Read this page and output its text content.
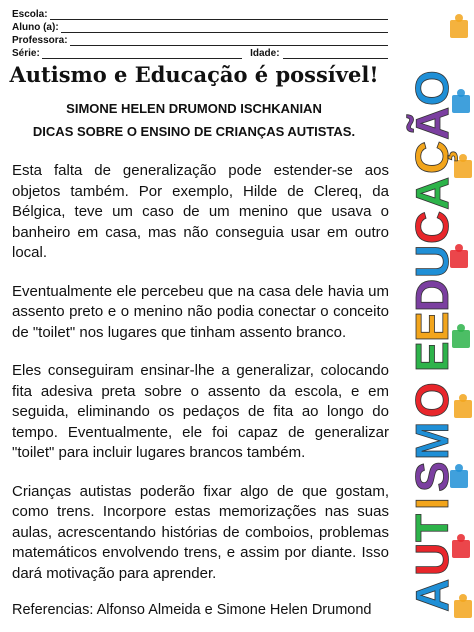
Escola:
Aluno (a):
Professora:
Série:	Idade:
Autismo e Educação é possível!
SIMONE HELEN DRUMOND ISCHKANIAN
DICAS SOBRE O ENSINO DE CRIANÇAS AUTISTAS.

Esta falta de generalização pode estender-se aos objetos também. Por exemplo, Hilde de Clereq, da Bélgica, teve um caso de um menino que usava o banheiro em casa, mas não conseguia usar em outro local.

Eventualmente ele percebeu que na casa dele havia um assento preto e o menino não podia conectar o conceito de "toilet" nos lugares que tinham assento branco.

Eles conseguiram ensinar-lhe a generalizar, colocando fita adesiva preta sobre o assento da escola, e em seguida, eliminando os pedaços de fita ao longo do tempo. Eventualmente, ele foi capaz de generalizar "toilet" para incluir lugares brancos também.

Crianças autistas poderão fixar algo de que gostam, como trens. Incorpore estas memorizações nas suas aulas, acrescentando histórias de comboios, problemas matemáticos envolvendo trens, e assim por diante. Isso dará motivação para aprender.

Referencias: Alfonso Almeida e Simone Helen Drumond A
U
T
I
S
M
O
E
E
D
U
C
A
Ç
Ã
O
